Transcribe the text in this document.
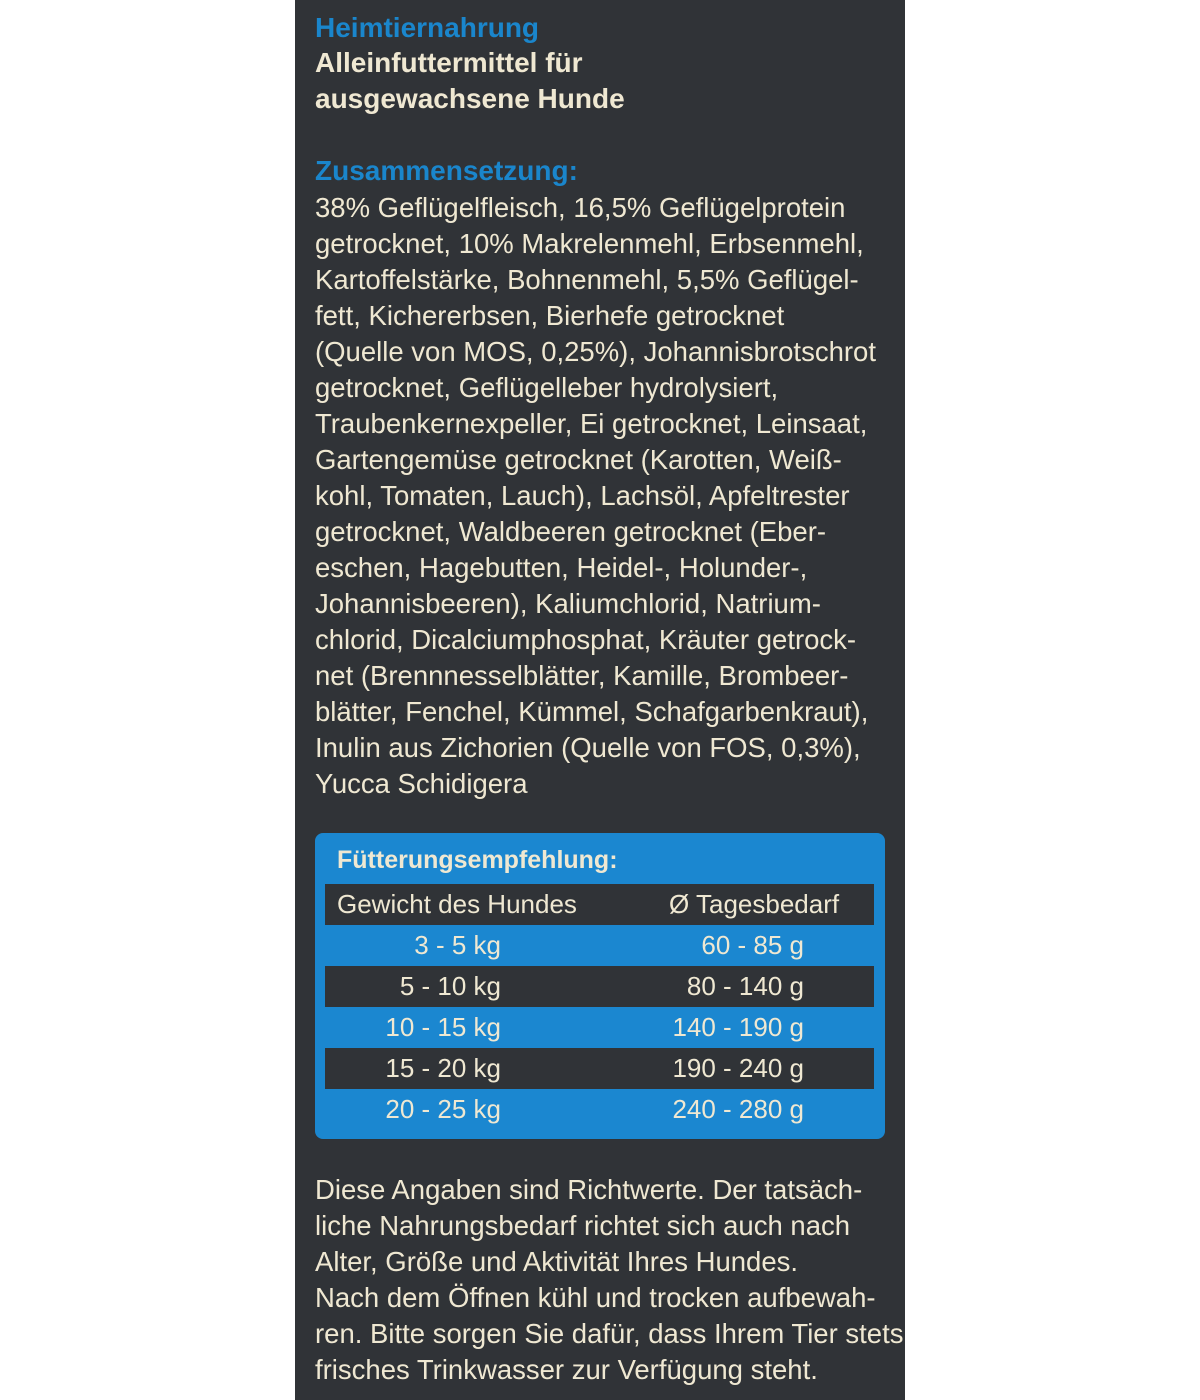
Heimtiernahrung
Alleinfuttermittel für
ausgewachsene Hunde
Zusammensetzung:

38% Geflügelfleisch, 16,5% Geflügelprotein
getrocknet, 10% Makrelenmehl, Erbsenmehl,
Kartoffelstärke, Bohnenmehl, 5,5% Geflügel-
fett, Kichererbsen, Bierhefe getrocknet
(Quelle von MOS, 0,25%), Johannisbrotschrot
getrocknet, Geflügelleber hydrolysiert,
Traubenkernexpeller, Ei getrocknet, Leinsaat,
Gartengemüse getrocknet (Karotten, Weiß-
kohl, Tomaten, Lauch), Lachsöl, Apfeltrester
getrocknet, Waldbeeren getrocknet (Eber-
eschen, Hagebutten, Heidel-, Holunder-,
Johannisbeeren), Kaliumchlorid, Natrium-
chlorid, Dicalciumphosphat, Kräuter getrock-
net (Brennnesselblätter, Kamille, Brombeer-
blätter, Fenchel, Kümmel, Schafgarbenkraut),
Inulin aus Zichorien (Quelle von FOS, 0,3%),
Yucca Schidigera

Fütterungsempfehlung:
Gewicht des Hundes	Ø Tagesbedarf
3 - 5 kg	60 - 85 g
5 - 10 kg	80 - 140 g
10 - 15 kg	140 - 190 g
15 - 20 kg	190 - 240 g
20 - 25 kg	240 - 280 g

Diese Angaben sind Richtwerte. Der tatsäch-
liche Nahrungsbedarf richtet sich auch nach
Alter, Größe und Aktivität Ihres Hundes.
Nach dem Öffnen kühl und trocken aufbewah-
ren. Bitte sorgen Sie dafür, dass Ihrem Tier stets
frisches Trinkwasser zur Verfügung steht.
